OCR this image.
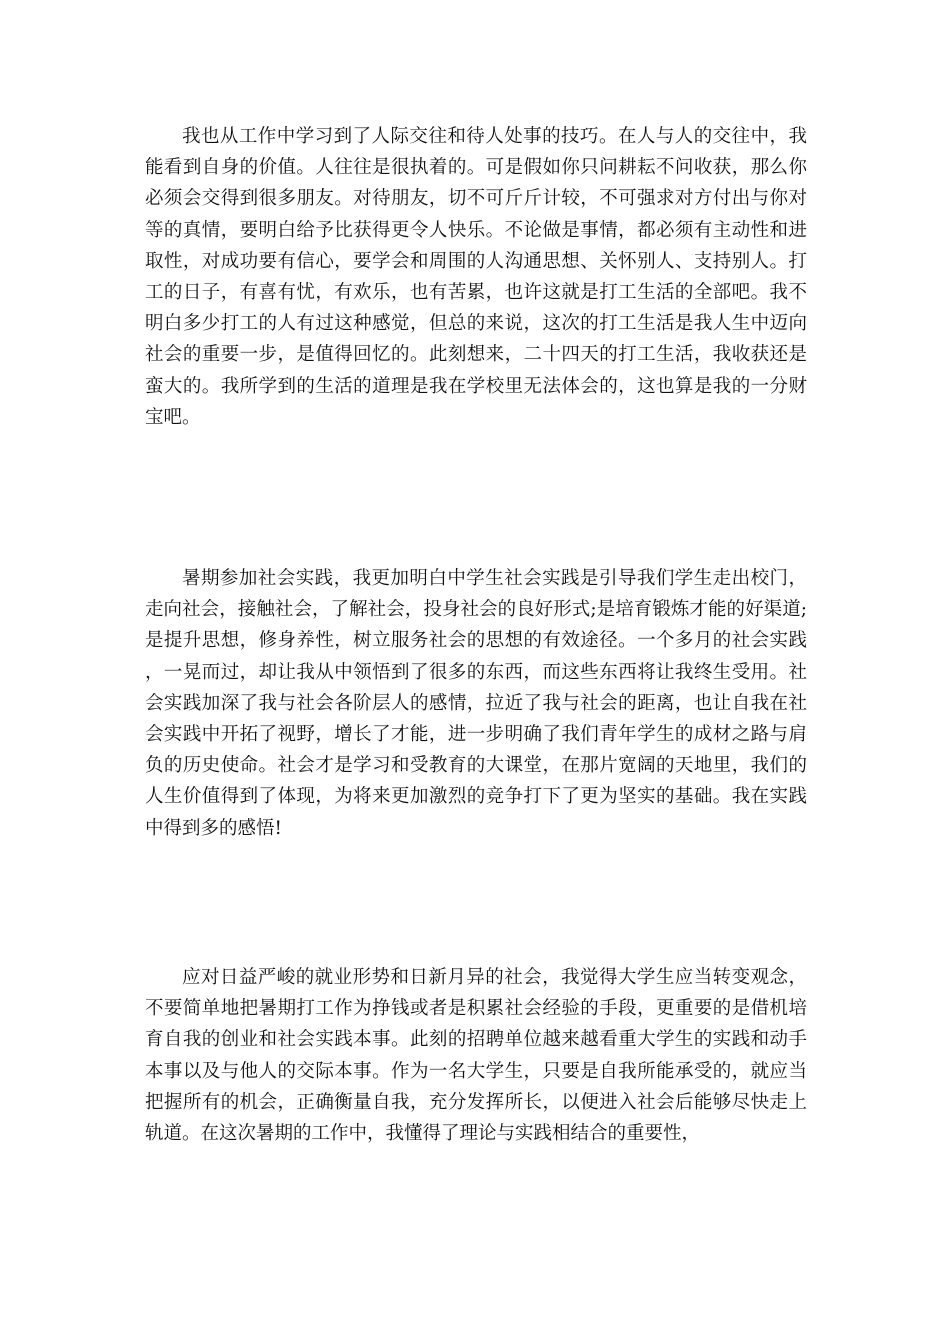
我也从工作中学习到了人际交往和待人处事的技巧。在人与人的交往中，我能看到自身的价值。人往往是很执着的。可是假如你只问耕耘不问收获，那么你必须会交得到很多朋友。对待朋友，切不可斤斤计较，不可强求对方付出与你对等的真情，要明白给予比获得更令人快乐。不论做是事情，都必须有主动性和进取性，对成功要有信心，要学会和周围的人沟通思想、关怀别人、支持别人。打工的日子，有喜有忧，有欢乐，也有苦累，也许这就是打工生活的全部吧。我不明白多少打工的人有过这种感觉，但总的来说，这次的打工生活是我人生中迈向社会的重要一步，是值得回忆的。此刻想来，二十四天的打工生活，我收获还是蛮大的。我所学到的生活的道理是我在学校里无法体会的，这也算是我的一分财宝吧。

暑期参加社会实践，我更加明白中学生社会实践是引导我们学生走出校门，走向社会，接触社会，了解社会，投身社会的良好形式;是培育锻炼才能的好渠道;是提升思想，修身养性，树立服务社会的思想的有效途径。一个多月的社会实践，一晃而过，却让我从中领悟到了很多的东西，而这些东西将让我终生受用。社会实践加深了我与社会各阶层人的感情，拉近了我与社会的距离，也让自我在社会实践中开拓了视野，增长了才能，进一步明确了我们青年学生的成材之路与肩负的历史使命。社会才是学习和受教育的大课堂，在那片宽阔的天地里，我们的人生价值得到了体现，为将来更加激烈的竞争打下了更为坚实的基础。我在实践中得到多的感悟!

应对日益严峻的就业形势和日新月异的社会，我觉得大学生应当转变观念，不要简单地把暑期打工作为挣钱或者是积累社会经验的手段，更重要的是借机培育自我的创业和社会实践本事。此刻的招聘单位越来越看重大学生的实践和动手本事以及与他人的交际本事。作为一名大学生，只要是自我所能承受的，就应当把握所有的机会，正确衡量自我，充分发挥所长，以便进入社会后能够尽快走上轨道。在这次暑期的工作中，我懂得了理论与实践相结合的重要性，
